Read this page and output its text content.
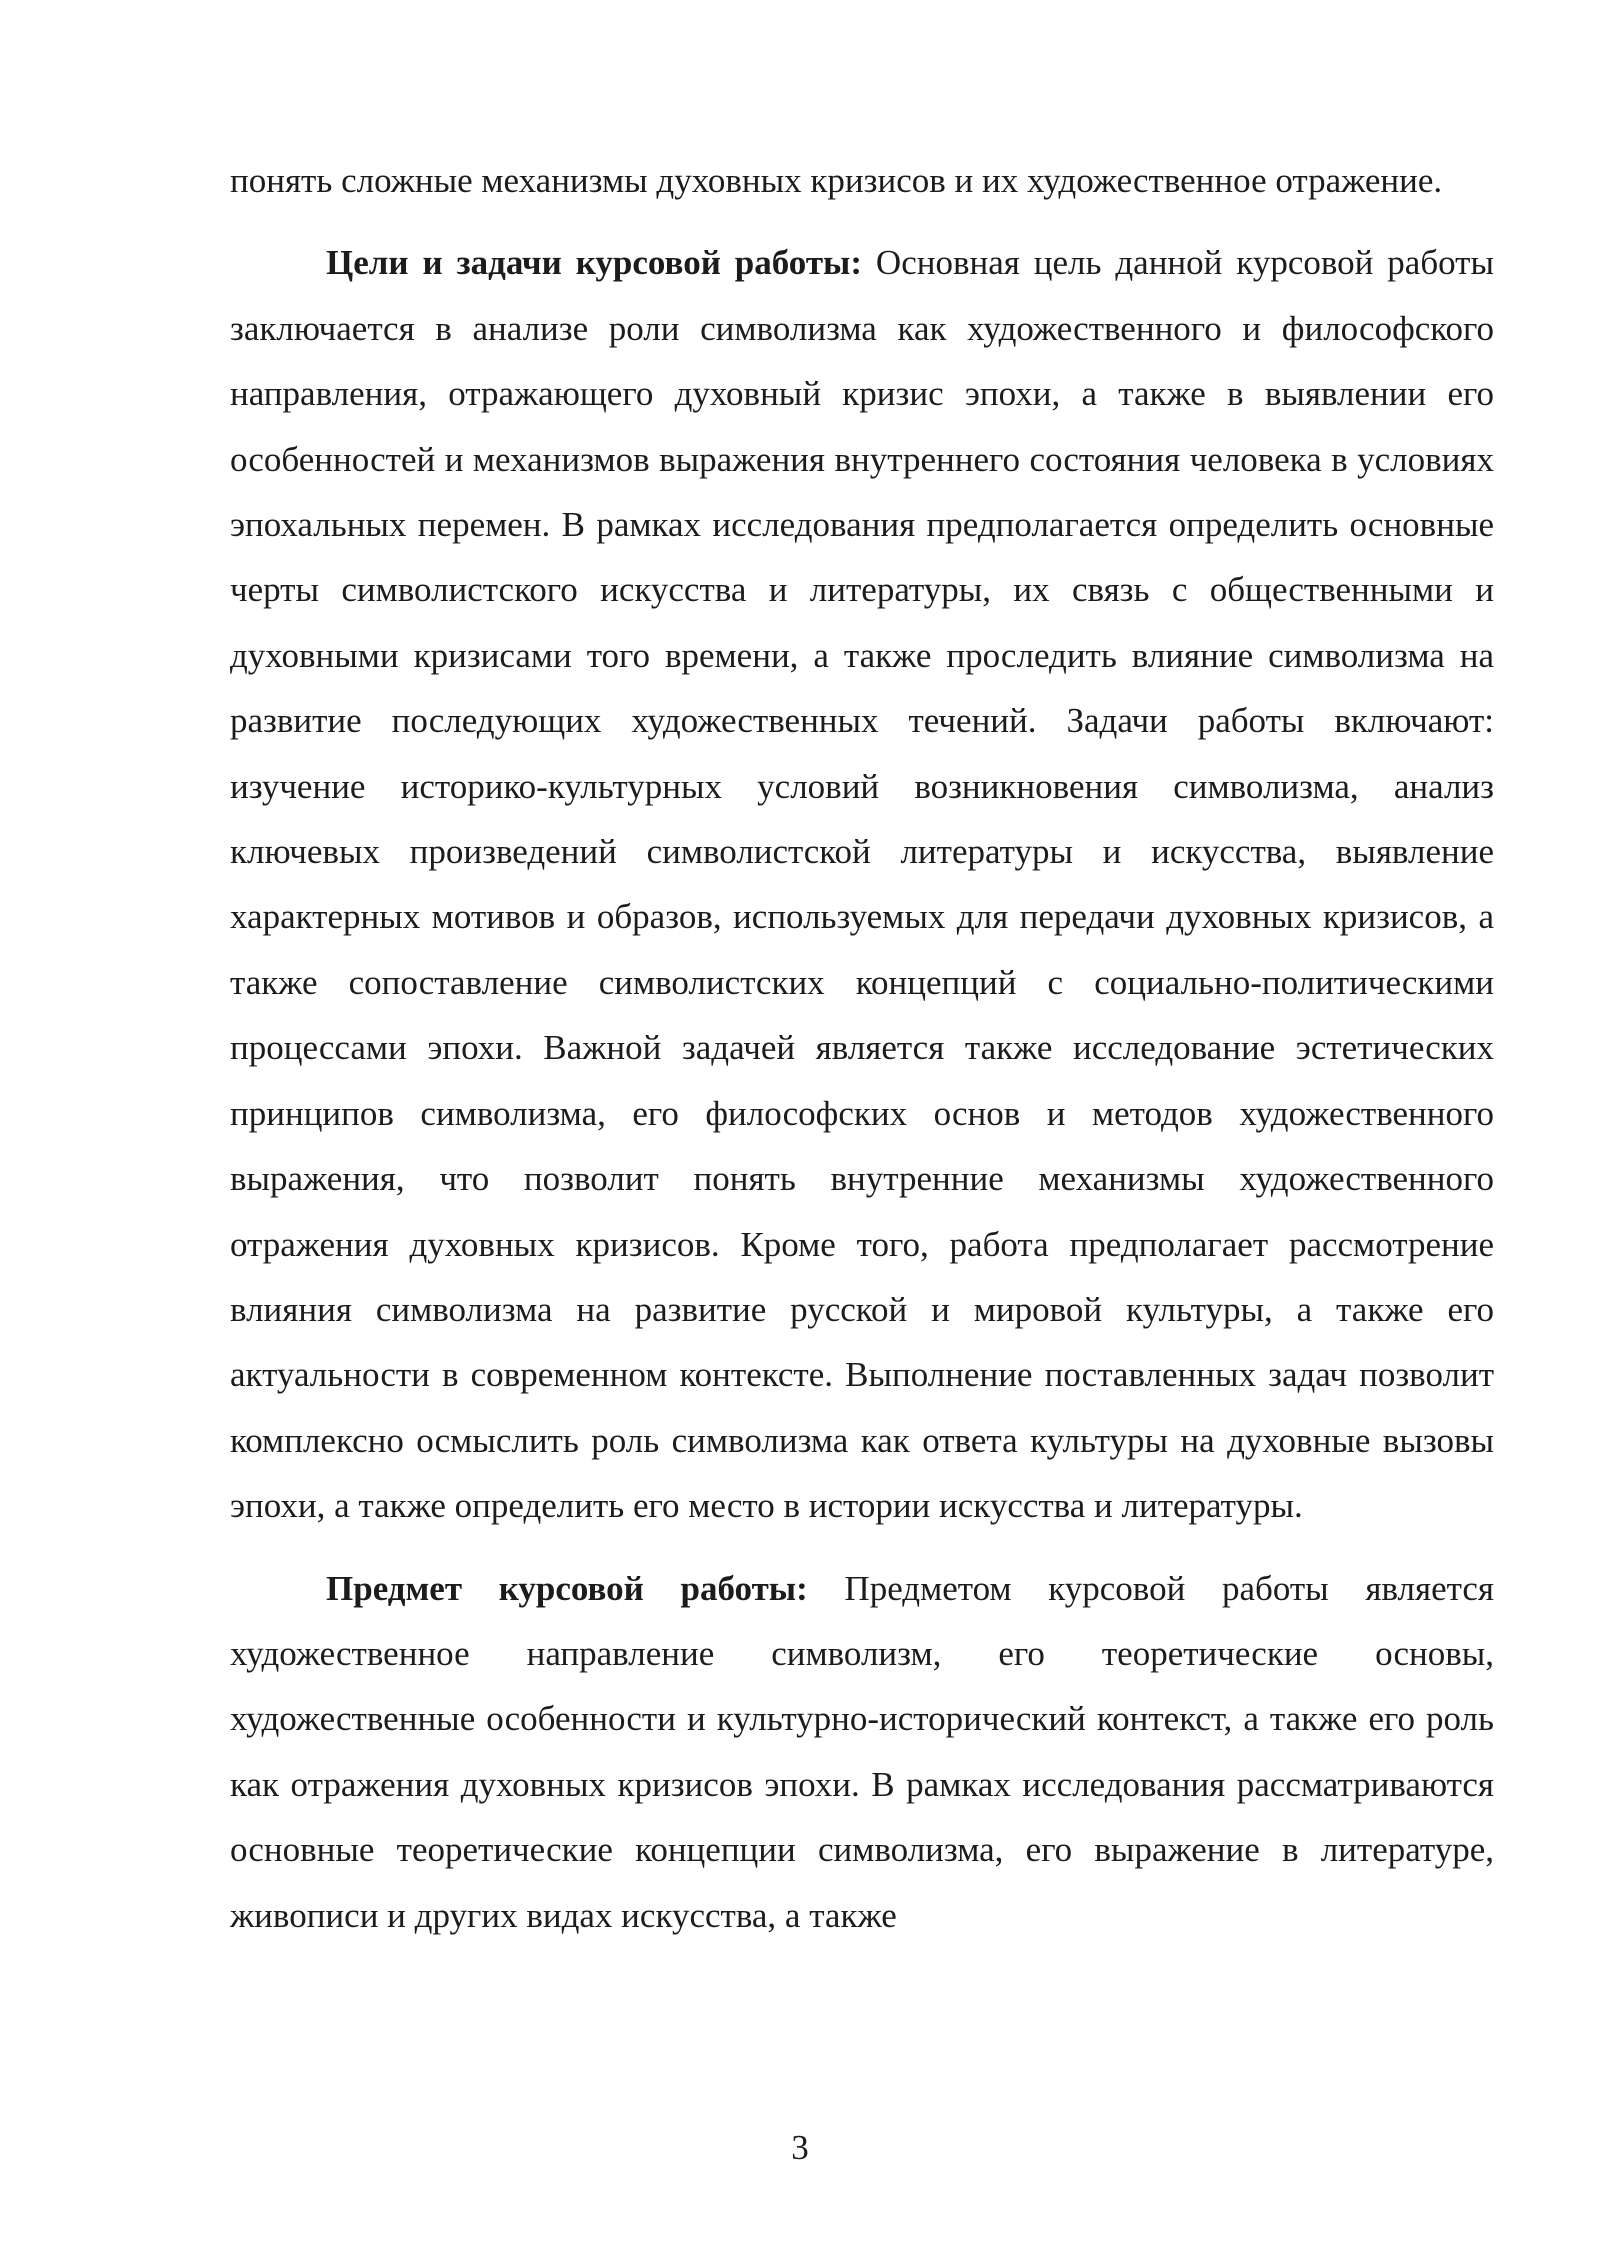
понять сложные механизмы духовных кризисов и их художественное отражение.

Цели и задачи курсовой работы: Основная цель данной курсовой работы заключается в анализе роли символизма как художественного и философского направления, отражающего духовный кризис эпохи, а также в выявлении его особенностей и механизмов выражения внутреннего состояния человека в условиях эпохальных перемен. В рамках исследования предполагается определить основные черты символистского искусства и литературы, их связь с общественными и духовными кризисами того времени, а также проследить влияние символизма на развитие последующих художественных течений. Задачи работы включают: изучение историко-культурных условий возникновения символизма, анализ ключевых произведений символистской литературы и искусства, выявление характерных мотивов и образов, используемых для передачи духовных кризисов, а также сопоставление символистских концепций с социально-политическими процессами эпохи. Важной задачей является также исследование эстетических принципов символизма, его философских основ и методов художественного выражения, что позволит понять внутренние механизмы художественного отражения духовных кризисов. Кроме того, работа предполагает рассмотрение влияния символизма на развитие русской и мировой культуры, а также его актуальности в современном контексте. Выполнение поставленных задач позволит комплексно осмыслить роль символизма как ответа культуры на духовные вызовы эпохи, а также определить его место в истории искусства и литературы.

Предмет курсовой работы: Предметом курсовой работы является художественное направление символизм, его теоретические основы, художественные особенности и культурно-исторический контекст, а также его роль как отражения духовных кризисов эпохи. В рамках исследования рассматриваются основные теоретические концепции символизма, его выражение в литературе, живописи и других видах искусства, а также

3
